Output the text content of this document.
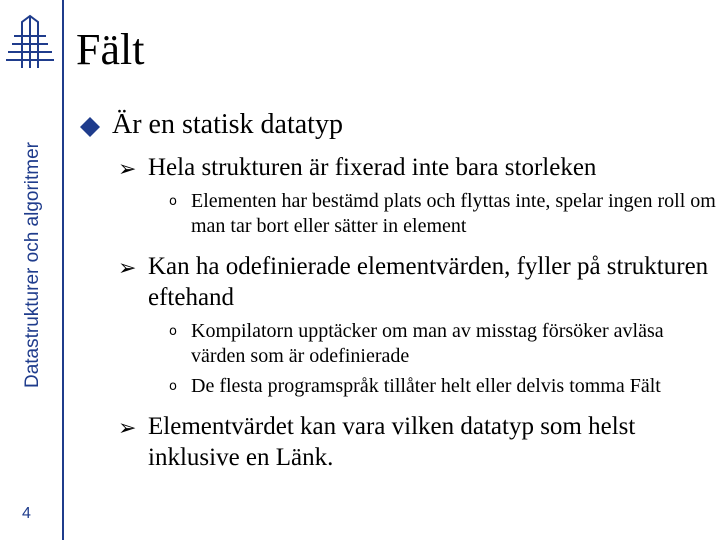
Datastrukturer och algoritmer
4
Fält
Är en statisk datatyp
➢ Hela strukturen är fixerad inte bara storleken
o Elementen har bestämd plats och flyttas inte, spelar ingen roll om man tar bort eller sätter in element
➢ Kan ha odefinierade elementvärden, fyller på strukturen eftehand
o Kompilatorn upptäcker om man av misstag försöker avläsa värden som är odefinierade
o De flesta programspråk tillåter helt eller delvis tomma Fält
➢ Elementvärdet kan vara vilken datatyp som helst inklusive en Länk.
